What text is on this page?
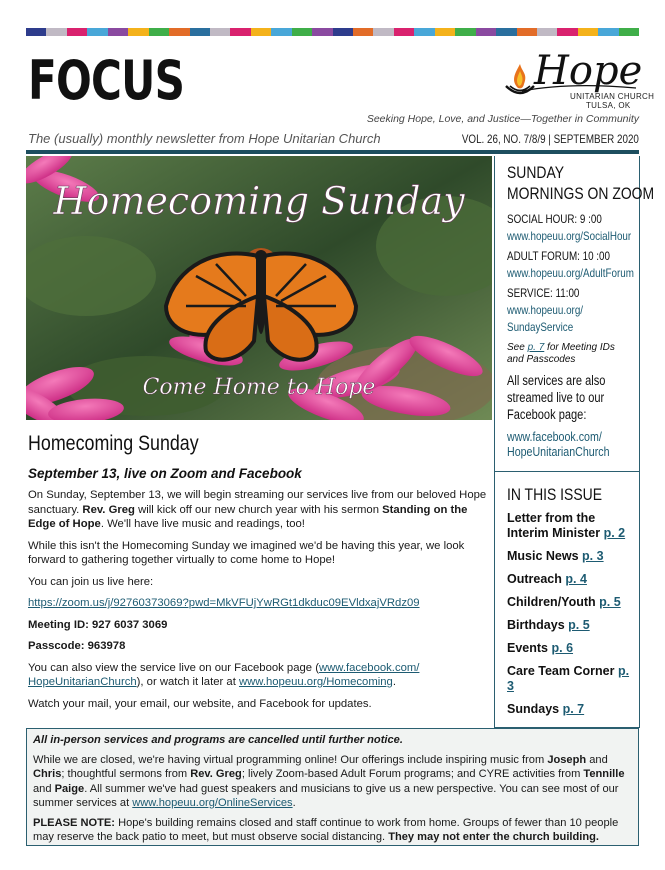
FOCUS	Hope
UNITARIAN CHURCH
TULSA, OK
Seeking Hope, Love, and Justice—Together in Community
The (usually) monthly newsletter from Hope Unitarian Church	VOL. 26, NO. 7/8/9 | SEPTEMBER 2020
Homecoming Sunday
Come Home to Hope
SUNDAY
MORNINGS ON ZOOM
SOCIAL HOUR: 9 :00
www.hopeuu.org/SocialHour
ADULT FORUM: 10 :00
www.hopeuu.org/AdultForum
SERVICE: 11:00
www.hopeuu.org/
SundayService
See p. 7 for Meeting IDs and Passcodes
All services are also
streamed live to our
Facebook page:
www.facebook.com/
HopeUnitarianChurch
IN THIS ISSUE
Letter from the Interim Minister p. 2
Music News p. 3
Outreach p. 4
Children/Youth p. 5
Birthdays p. 5
Events p. 6
Care Team Corner p. 3
Sundays p. 7
Homecoming Sunday
September 13, live on Zoom and Facebook

On Sunday, September 13, we will begin streaming our services live from our beloved Hope sanctuary. Rev. Greg will kick off our new church year with his sermon Standing on the Edge of Hope. We'll have live music and readings, too!

While this isn't the Homecoming Sunday we imagined we'd be having this year, we look forward to gathering together virtually to come home to Hope!

You can join us live here:

https://zoom.us/j/92760373069?pwd=MkVFUjYwRGt1dkduc09EVldxajVRdz09

Meeting ID: 927 6037 3069

Passcode: 963978

You can also view the service live on our Facebook page (www.facebook.com/ HopeUnitarianChurch), or watch it later at www.hopeuu.org/Homecoming.

Watch your mail, your email, our website, and Facebook for updates.

All in-person services and programs are cancelled until further notice.

While we are closed, we're having virtual programming online! Our offerings include inspiring music from Joseph and Chris; thoughtful sermons from Rev. Greg; lively Zoom-based Adult Forum programs; and CYRE activities from Tennille and Paige. All summer we've had guest speakers and musicians to give us a new perspective. You can see most of our summer services at www.hopeuu.org/OnlineServices.

PLEASE NOTE: Hope's building remains closed and staff continue to work from home. Groups of fewer than 10 people may reserve the back patio to meet, but must observe social distancing. They may not enter the church building.
